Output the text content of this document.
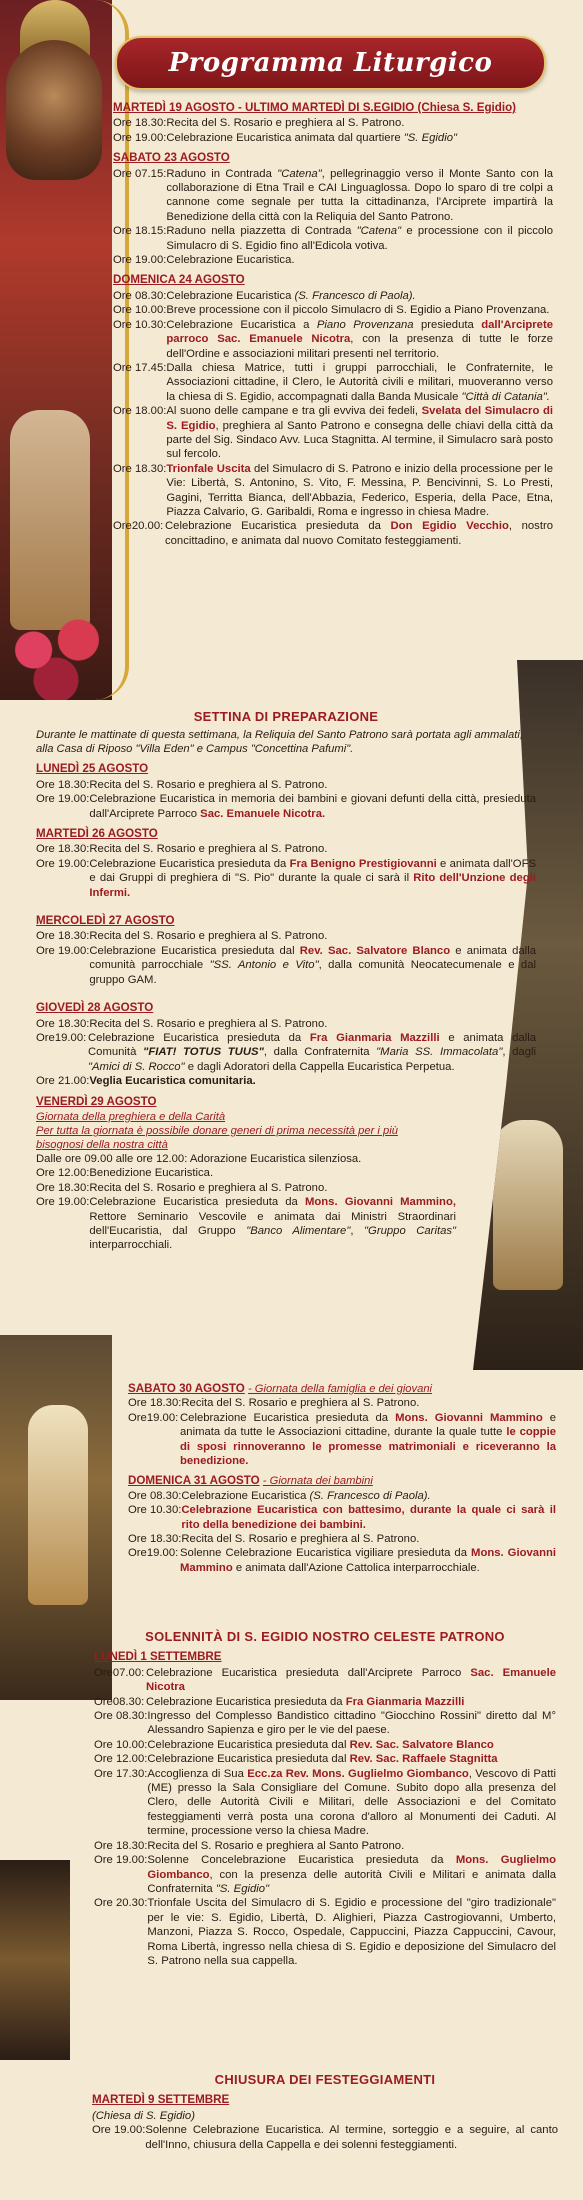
Programma Liturgico
MARTEDÌ 19 AGOSTO - ULTIMO MARTEDÌ DI S.EGIDIO (Chiesa S. Egidio)
Ore 18.30: Recita del S. Rosario e preghiera al S. Patrono.
Ore 19.00: Celebrazione Eucaristica animata dal quartiere "S. Egidio"
SABATO 23 AGOSTO
Ore 07.15: Raduno in Contrada "Catena", pellegrinaggio verso il Monte Santo con la collaborazione di Etna Trail e CAI Linguaglossa. Dopo lo sparo di tre colpi a cannone come segnale per tutta la cittadinanza, l'Arciprete impartirà la Benedizione della città con la Reliquia del Santo Patrono.
Ore 18.15: Raduno nella piazzetta di Contrada "Catena" e processione con il piccolo Simulacro di S. Egidio fino all'Edicola votiva.
Ore 19.00: Celebrazione Eucaristica.
DOMENICA 24 AGOSTO
Ore 08.30: Celebrazione Eucaristica (S. Francesco di Paola).
Ore 10.00: Breve processione con il piccolo Simulacro di S. Egidio a Piano Provenzana.
Ore 10.30: Celebrazione Eucaristica a Piano Provenzana presieduta dall'Arciprete parroco Sac. Emanuele Nicotra, con la presenza di tutte le forze dell'Ordine e associazioni militari presenti nel territorio.
Ore 17.45: Dalla chiesa Matrice, tutti i gruppi parrocchiali, le Confraternite, le Associazioni cittadine, il Clero, le Autorità civili e militari, muoveranno verso la chiesa di S. Egidio, accompagnati dalla Banda Musicale "Città di Catania".
Ore 18.00: Al suono delle campane e tra gli evviva dei fedeli, Svelata del Simulacro di S. Egidio, preghiera al Santo Patrono e consegna delle chiavi della città da parte del Sig. Sindaco Avv. Luca Stagnitta. Al termine, il Simulacro sarà posto sul fercolo.
Ore 18.30: Trionfale Uscita del Simulacro di S. Patrono e inizio della processione per le Vie: Libertà, S. Antonino, S. Vito, F. Messina, P. Bencivinni, S. Lo Presti, Gagini, Territta Bianca, dell'Abbazia, Federico, Esperia, della Pace, Etna, Piazza Calvario, G. Garibaldi, Roma e ingresso in chiesa Madre.
Ore20.00: Celebrazione Eucaristica presieduta da Don Egidio Vecchio, nostro concittadino, e animata dal nuovo Comitato festeggiamenti.
SETTINA DI PREPARAZIONE
Durante le mattinate di questa settimana, la Reliquia del Santo Patrono sarà portata agli ammalati, alla Casa di Riposo "Villa Eden" e Campus "Concettina Pafumi".
LUNEDÌ 25 AGOSTO
Ore 18.30: Recita del S. Rosario e preghiera al S. Patrono.
Ore 19.00: Celebrazione Eucaristica in memoria dei bambini e giovani defunti della città, presieduta dall'Arciprete Parroco Sac. Emanuele Nicotra.
MARTEDÌ 26 AGOSTO
Ore 18.30: Recita del S. Rosario e preghiera al S. Patrono.
Ore 19.00: Celebrazione Eucaristica presieduta da Fra Benigno Prestigiovanni e animata dall'OFS e dai Gruppi di preghiera di "S. Pio" durante la quale ci sarà il Rito dell'Unzione degli Infermi.
MERCOLEDÌ 27 AGOSTO
Ore 18.30: Recita del S. Rosario e preghiera al S. Patrono.
Ore 19.00: Celebrazione Eucaristica presieduta dal Rev. Sac. Salvatore Blanco e animata dalla comunità parrocchiale "SS. Antonio e Vito", dalla comunità Neocatecumenale e dal gruppo GAM.
GIOVEDÌ 28 AGOSTO
Ore 18.30: Recita del S. Rosario e preghiera al S. Patrono.
Ore19.00: Celebrazione Eucaristica presieduta da Fra Gianmaria Mazzilli e animata dalla Comunità "FIAT! TOTUS TUUS", dalla Confraternita "Maria SS. Immacolata", dagli "Amici di S. Rocco" e dagli Adoratori della Cappella Eucaristica Perpetua.
Ore 21.00: Veglia Eucaristica comunitaria.
VENERDÌ 29 AGOSTO
Giornata della preghiera e della Carità
Per tutta la giornata è possibile donare generi di prima necessità per i più bisognosi della nostra città
Dalle ore 09.00 alle ore 12.00: Adorazione Eucaristica silenziosa.
Ore 12.00: Benedizione Eucaristica.
Ore 18.30: Recita del S. Rosario e preghiera al S. Patrono.
Ore 19.00: Celebrazione Eucaristica presieduta da Mons. Giovanni Mammino, Rettore Seminario Vescovile e animata dai Ministri Straordinari dell'Eucaristia, dal Gruppo "Banco Alimentare", "Gruppo Caritas" interparrocchiali.
SABATO 30 AGOSTO - Giornata della famiglia e dei giovani
Ore 18.30: Recita del S. Rosario e preghiera al S. Patrono.
Ore19.00: Celebrazione Eucaristica presieduta da Mons. Giovanni Mammino e animata da tutte le Associazioni cittadine, durante la quale tutte le coppie di sposi rinnoveranno le promesse matrimoniali e riceveranno la benedizione.
DOMENICA 31 AGOSTO - Giornata dei bambini
Ore 08.30: Celebrazione Eucaristica (S. Francesco di Paola).
Ore 10.30: Celebrazione Eucaristica con battesimo, durante la quale ci sarà il rito della benedizione dei bambini.
Ore 18.30: Recita del S. Rosario e preghiera al S. Patrono.
Ore19.00: Solenne Celebrazione Eucaristica vigiliare presieduta da Mons. Giovanni Mammino e animata dall'Azione Cattolica interparrocchiale.
SOLENNITÀ DI S. EGIDIO NOSTRO CELESTE PATRONO
LUNEDÌ 1 SETTEMBRE
Ore07.00: Celebrazione Eucaristica presieduta dall'Arciprete Parroco Sac. Emanuele Nicotra
Ore08.30: Celebrazione Eucaristica presieduta da Fra Gianmaria Mazzilli
Ore 08.30: Ingresso del Complesso Bandistico cittadino "Giocchino Rossini" diretto dal M° Alessandro Sapienza e giro per le vie del paese.
Ore 10.00: Celebrazione Eucaristica presieduta dal Rev. Sac. Salvatore Blanco
Ore 12.00: Celebrazione Eucaristica presieduta dal Rev. Sac. Raffaele Stagnitta
Ore 17.30: Accoglienza di Sua Ecc.za Rev. Mons. Guglielmo Giombanco, Vescovo di Patti (ME) presso la Sala Consigliare del Comune. Subito dopo alla presenza del Clero, delle Autorità Civili e Militari, delle Associazioni e del Comitato festeggiamenti verrà posta una corona d'alloro al Monumenti dei Caduti. Al termine, processione verso la chiesa Madre.
Ore 18.30: Recita del S. Rosario e preghiera al Santo Patrono.
Ore 19.00: Solenne Concelebrazione Eucaristica presieduta da Mons. Guglielmo Giombanco, con la presenza delle autorità Civili e Militari e animata dalla Confraternita "S. Egidio"
Ore 20.30: Trionfale Uscita del Simulacro di S. Egidio e processione del "giro tradizionale" per le vie: S. Egidio, Libertà, D. Alighieri, Piazza Castrogiovanni, Umberto, Manzoni, Piazza S. Rocco, Ospedale, Cappuccini, Piazza Cappuccini, Cavour, Roma Libertà, ingresso nella chiesa di S. Egidio e deposizione del Simulacro del S. Patrono nella sua cappella.
CHIUSURA DEI FESTEGGIAMENTI
MARTEDÌ 9 SETTEMBRE
(Chiesa di S. Egidio)
Ore 19.00: Solenne Celebrazione Eucaristica. Al termine, sorteggio e a seguire, al canto dell'Inno, chiusura della Cappella e dei solenni festeggiamenti.
